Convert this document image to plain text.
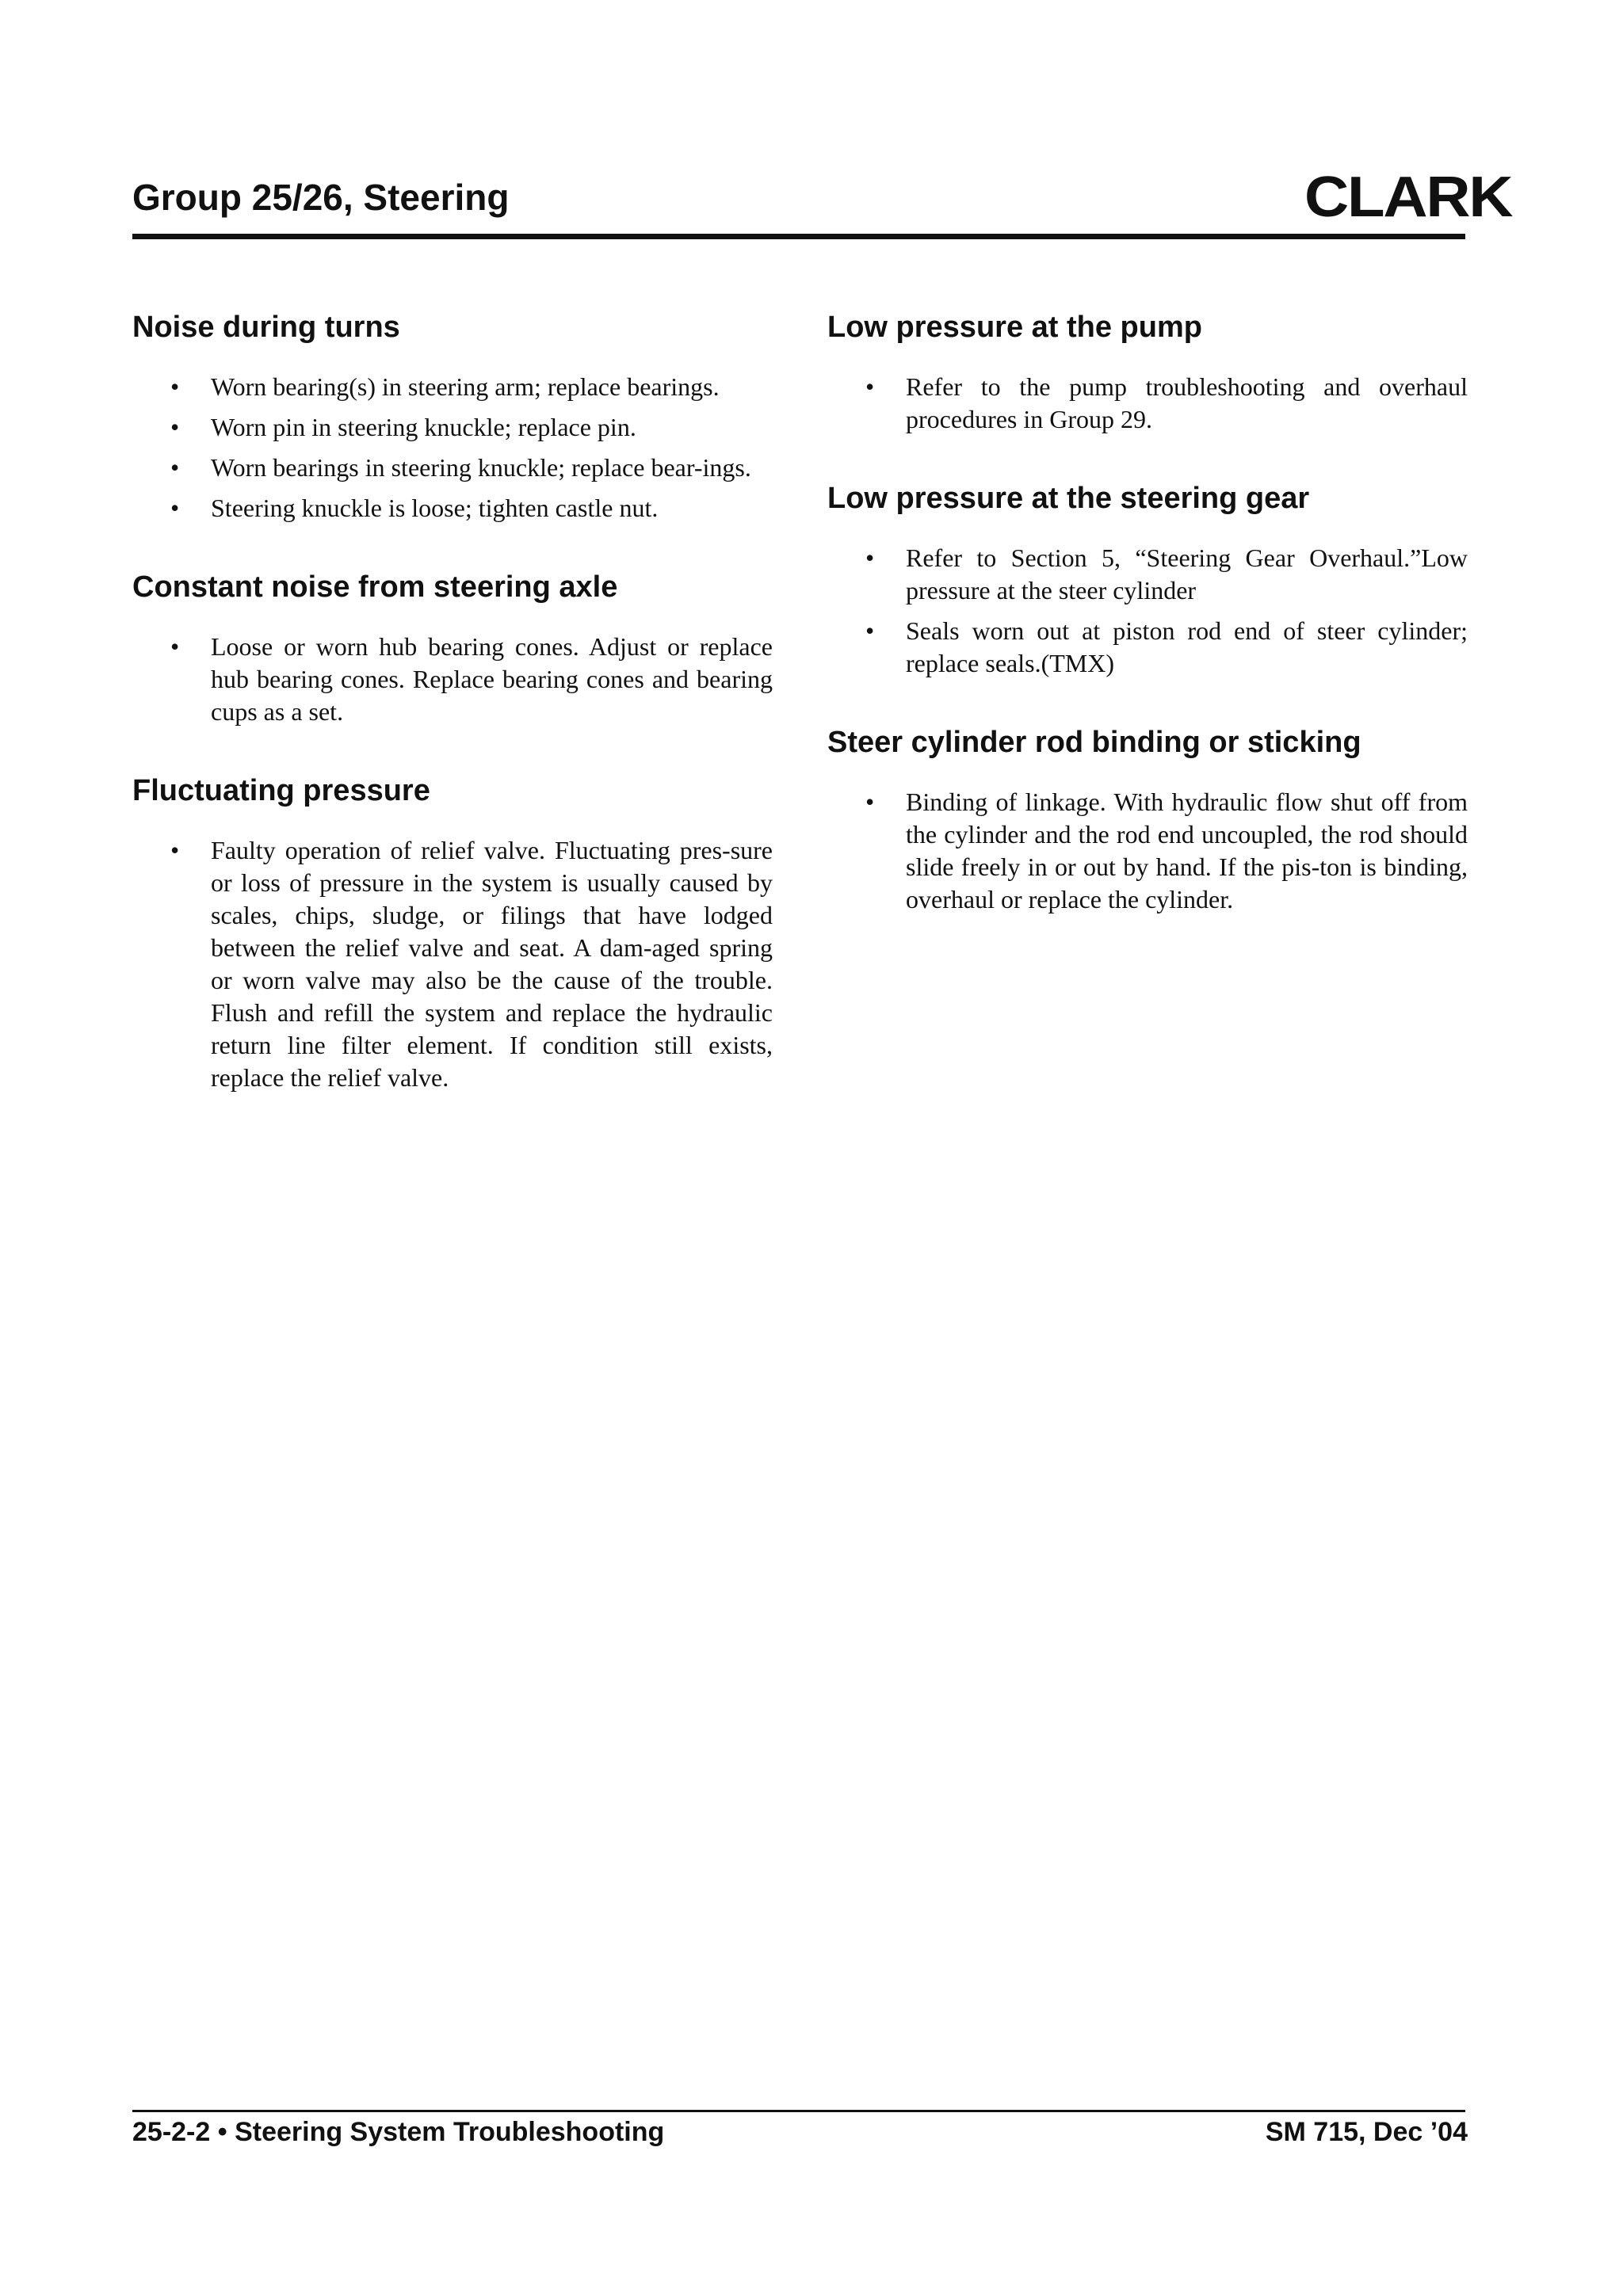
Group 25/26, Steering	CLARK
Noise during turns
• Worn bearing(s) in steering arm; replace bearings.
• Worn pin in steering knuckle; replace pin.
• Worn bearings in steering knuckle; replace bear-ings.
• Steering knuckle is loose; tighten castle nut.
Constant noise from steering axle
• Loose or worn hub bearing cones. Adjust or replace hub bearing cones. Replace bearing cones and bearing cups as a set.
Fluctuating pressure
• Faulty operation of relief valve. Fluctuating pres-sure or loss of pressure in the system is usually caused by scales, chips, sludge, or filings that have lodged between the relief valve and seat. A dam-aged spring or worn valve may also be the cause of the trouble. Flush and refill the system and replace the hydraulic return line filter element. If condition still exists, replace the relief valve.
Low pressure at the pump
• Refer to the pump troubleshooting and overhaul procedures in Group 29.
Low pressure at the steering gear
• Refer to Section 5, “Steering Gear Overhaul.”Low pressure at the steer cylinder
• Seals worn out at piston rod end of steer cylinder; replace seals.(TMX)
Steer cylinder rod binding or sticking
• Binding of linkage. With hydraulic flow shut off from the cylinder and the rod end uncoupled, the rod should slide freely in or out by hand. If the pis-ton is binding, overhaul or replace the cylinder.
25-2-2 • Steering System Troubleshooting	SM 715, Dec ’04
